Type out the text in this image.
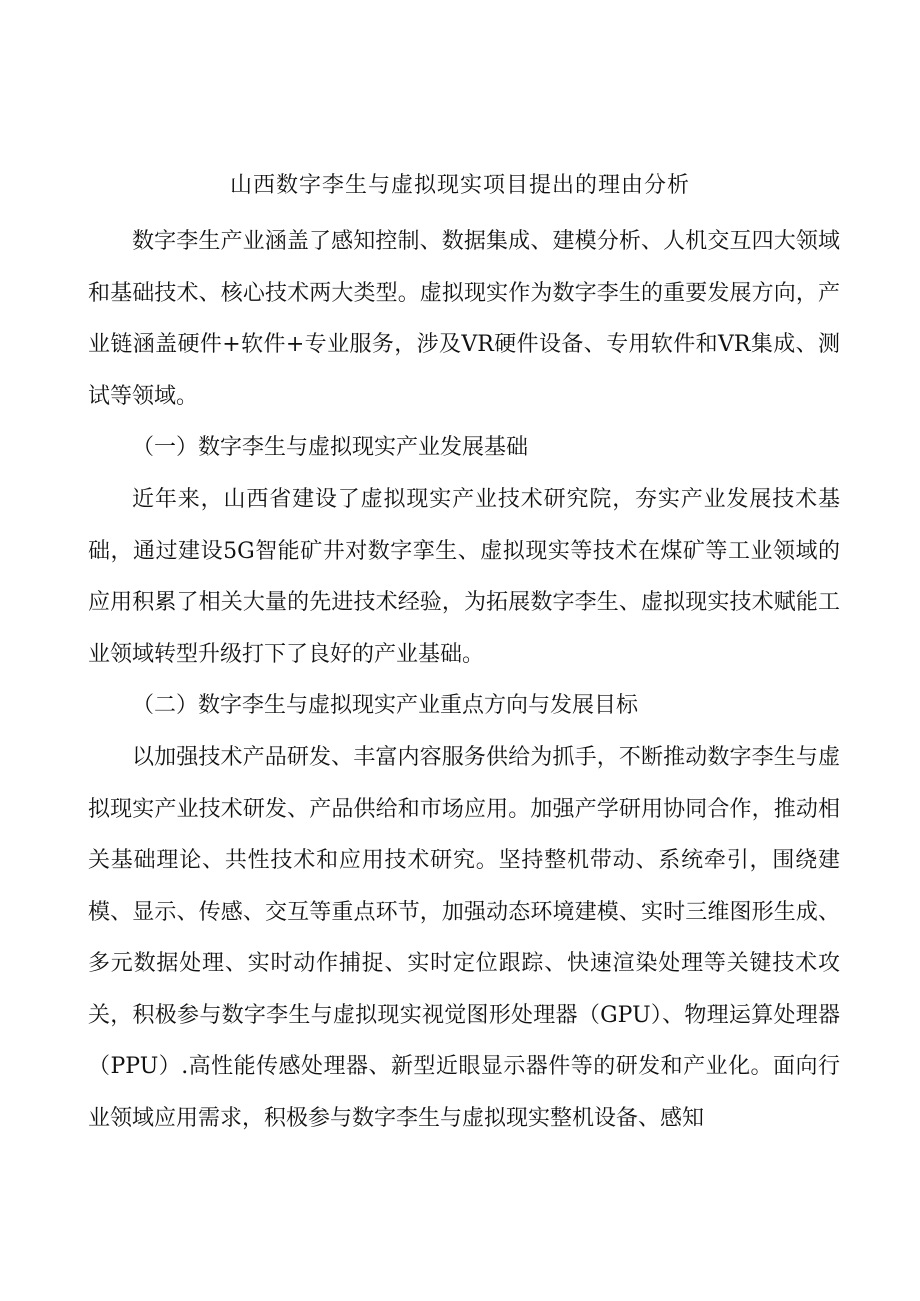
山西数字李生与虚拟现实项目提出的理由分析

数字李生产业涵盖了感知控制、数据集成、建模分析、人机交互四大领域和基础技术、核心技术两大类型。虚拟现实作为数字李生的重要发展方向，产业链涵盖硬件+软件+专业服务，涉及VR硬件设备、专用软件和VR集成、测试等领域。

（一）数字李生与虚拟现实产业发展基础

近年来，山西省建设了虚拟现实产业技术研究院，夯实产业发展技术基础，通过建设5G智能矿井对数字挛生、虚拟现实等技术在煤矿等工业领域的应用积累了相关大量的先进技术经验，为拓展数字李生、虚拟现实技术赋能工业领域转型升级打下了良好的产业基础。

（二）数字李生与虚拟现实产业重点方向与发展目标

以加强技术产品研发、丰富内容服务供给为抓手，不断推动数字李生与虚拟现实产业技术研发、产品供给和市场应用。加强产学研用协同合作，推动相关基础理论、共性技术和应用技术研究。坚持整机带动、系统牵引，围绕建模、显示、传感、交互等重点环节，加强动态环境建模、实时三维图形生成、多元数据处理、实时动作捕捉、实时定位跟踪、快速渲染处理等关键技术攻关，积极参与数字李生与虚拟现实视觉图形处理器（GPU）、物理运算处理器（PPU）.高性能传感处理器、新型近眼显示器件等的研发和产业化。面向行业领域应用需求，积极参与数字李生与虚拟现实整机设备、感知
